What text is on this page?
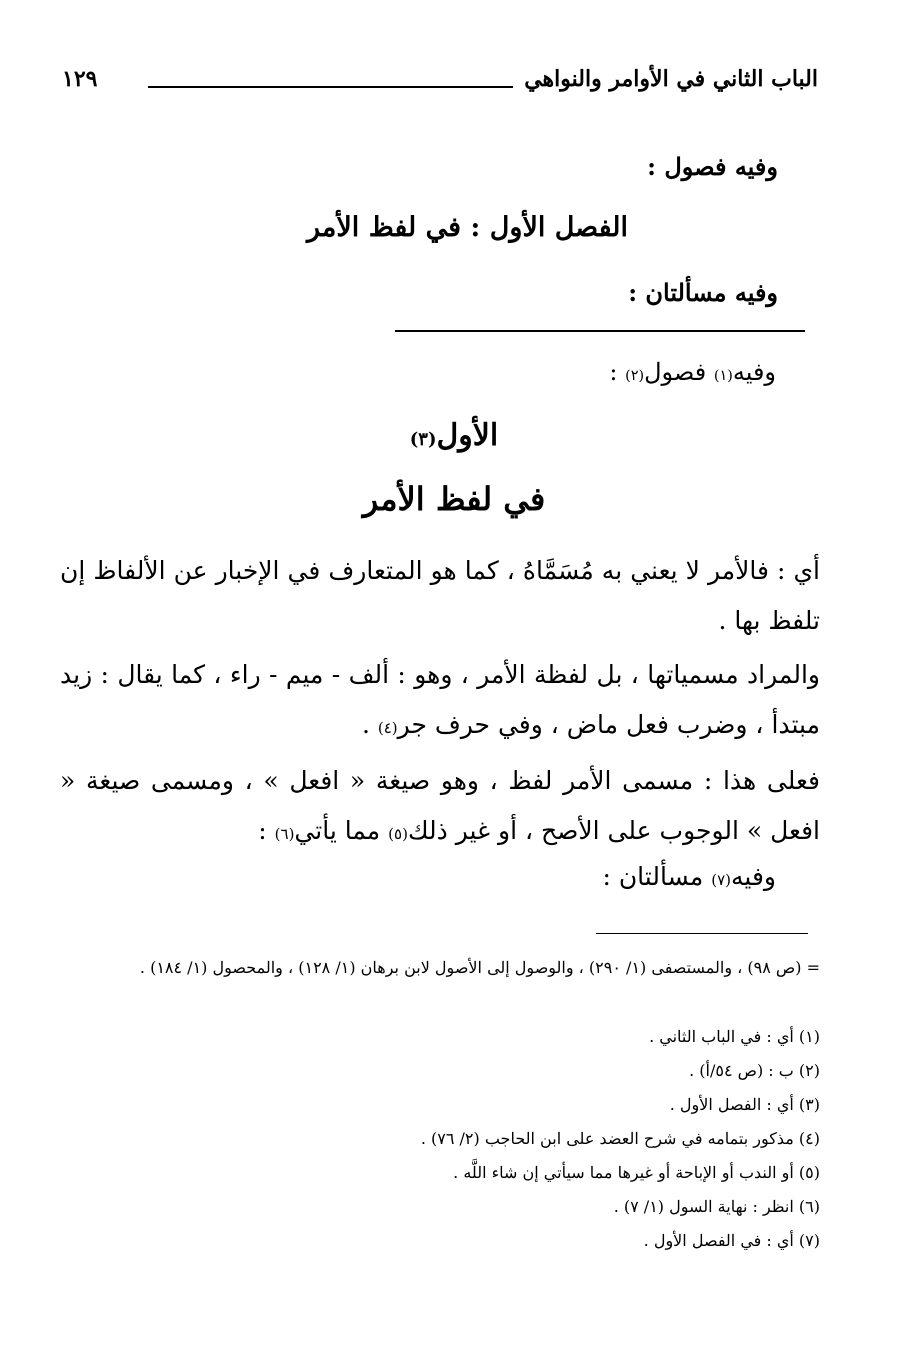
الباب الثاني في الأوامر والنواهي
١٢٩
وفيه فصول :
الفصل الأول : في لفظ الأمر
وفيه مسألتان :
وفيه$^{(١)}$ فصول$^{(٢)}$ :
الأول$^{(٣)}$
في لفظ الأمر
أي : فالأمر لا يعني به مُسَمَّاهُ ، كما هو المتعارف في الإخبار عن الألفاظ إن تلفظ بها .
والمراد مسمياتها ، بل لفظة الأمر ، وهو : ألف - ميم - راء ، كما يقال : زيد مبتدأ ، وضرب فعل ماض ، وفي حرف جر$^{(٤)}$ .
فعلى هذا : مسمى الأمر لفظ ، وهو صيغة « افعل » ، ومسمى صيغة « افعل » الوجوب على الأصح ، أو غير ذلك$^{(٥)}$ مما يأتي$^{(٦)}$ :
وفيه$^{(٧)}$ مسألتان :
= (ص ٩٨) ، والمستصفى (١/ ٢٩٠) ، والوصول إلى الأصول لابن برهان (١/ ١٢٨) ، والمحصول (١/ ١٨٤) .
(١) أي : في الباب الثاني .
(٢) ب : (ص ٥٤/أ) .
(٣) أي : الفصل الأول .
(٤) مذكور بتمامه في شرح العضد على ابن الحاجب (٢/ ٧٦) .
(٥) أو الندب أو الإباحة أو غيرها مما سيأتي إن شاء اللَّه .
(٦) انظر : نهاية السول (١/ ٧) .
(٧) أي : في الفصل الأول .
